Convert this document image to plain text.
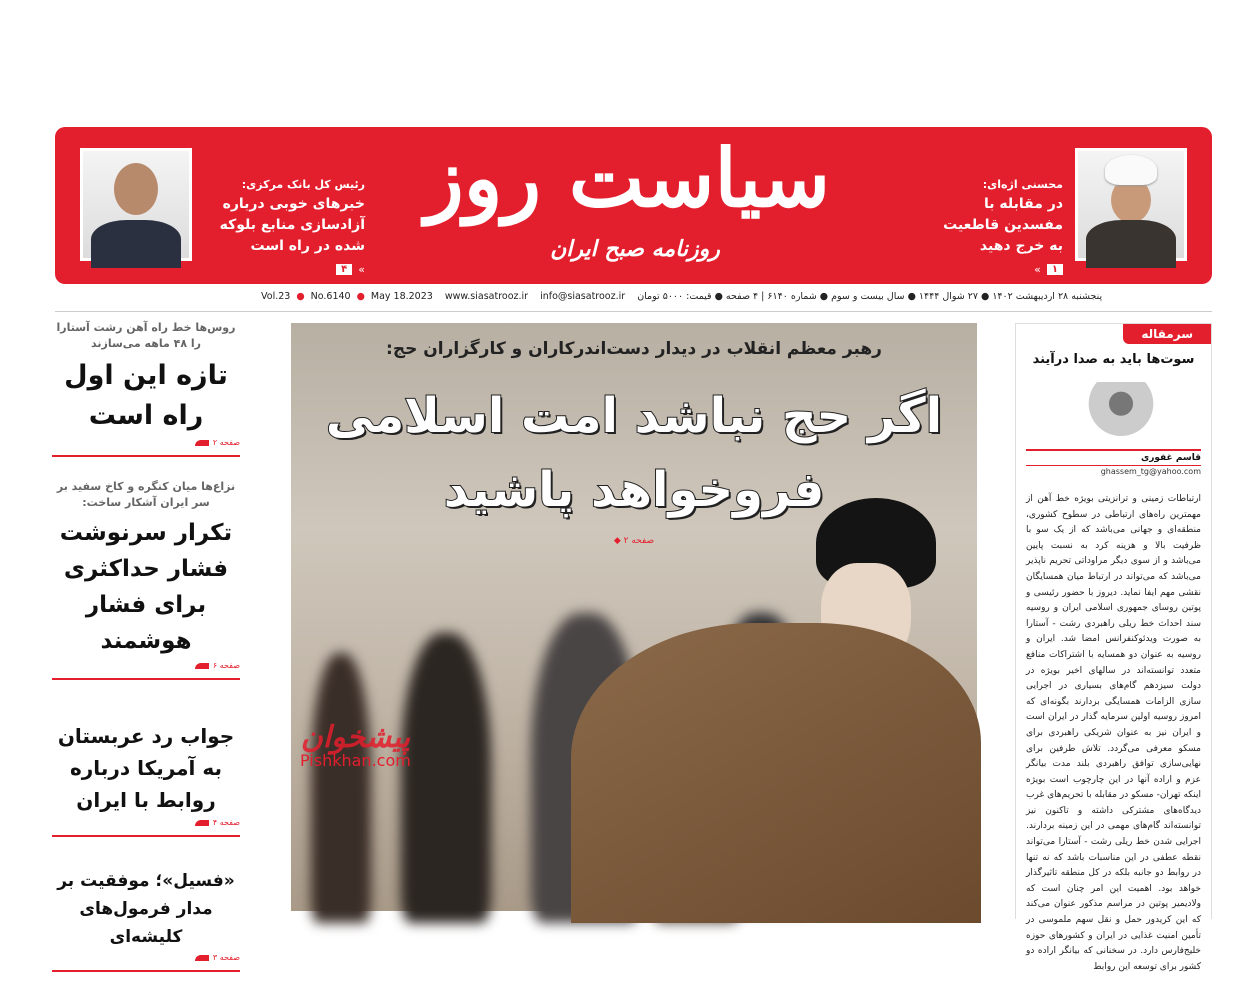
رئیس کل بانک مرکزی:
خبرهای خوبی درباره آزادسازی منابع بلوکه شده در راه است
۴	«
سیاست روز
روزنامه صبح ایران
محسنی اژه‌ای:
در مقابله با مفسدین قاطعیت به خرج دهید
۱
»
Vol.23 ● No.6140 ● May 18.2023 www.siasatrooz.ir info@siasatrooz.ir پنجشنبه ۲۸ اردیبهشت ۱۴۰۲ ● ۲۷ شوال ۱۴۴۴ ● سال بیست و سوم ● شماره ۶۱۴۰ | ۴ صفحه ● قیمت: ۵۰۰۰ تومان
روس‌ها خط راه آهن رشت آستارا را ۴۸ ماهه می‌سازند
تازه این اول راه است
صفحه ۲
نزاع‌ها میان کنگره و کاخ سفید بر سر ایران آشکار ساخت:
تکرار سرنوشت فشار حداکثری برای فشار هوشمند
صفحه ۶
جواب رد عربستان به آمریکا درباره روابط با ایران
صفحه ۴
«فسیل»؛ موفقیت بر مدار فرمول‌های کلیشه‌ای
صفحه ۳
رهبر معظم انقلاب در دیدار دست‌اندرکاران و کارگزاران حج:
اگر حج نباشد امت اسلامی فروخواهد پاشید
◆ صفحه ۲
سرمقاله
سوت‌ها باید به صدا درآیند
قاسم غفوری
ghassem_tg@yahoo.com
ارتباطات زمینی و ترانزیتی بویژه خط آهن از مهمترین راه‌های ارتباطی در سطوح کشوری، منطقه‌ای و جهانی می‌باشد که از یک سو با ظرفیت بالا و هزینه کرد به نسبت پایین می‌باشد و از سوی دیگر مراوداتی تحریم ناپذیر می‌باشد که می‌تواند در ارتباط میان همسایگان نقشی مهم ایفا نماید. دیروز با حضور رئیسی و پوتین روسای جمهوری اسلامی ایران و روسیه سند احداث خط ریلی راهبردی رشت - آستارا به صورت ویدئوکنفرانس امضا شد. ایران و روسیه به عنوان دو همسایه با اشتراکات منافع متعدد توانسته‌اند در سالهای اخیر بویژه در دولت سیزدهم گام‌های بسیاری در اجرایی سازی الزامات همسایگی بردارند بگونه‌ای که امروز روسیه اولین سرمایه گذار در ایران است و ایران نیز به عنوان شریکی راهبردی برای مسکو معرفی می‌گردد. تلاش طرفین برای نهایی‌سازی توافق راهبردی بلند مدت بیانگر عزم و اراده آنها در این چارچوب است بویژه اینکه تهران- مسکو در مقابله با تحریم‌های غرب دیدگاه‌های مشترکی داشته و تاکنون نیز توانسته‌اند گام‌های مهمی در این زمینه بردارند. اجرایی شدن خط ریلی رشت - آستارا می‌تواند نقطه عطفی در این مناسبات باشد که نه تنها در روابط دو جانبه بلکه در کل منطقه تاثیرگذار خواهد بود. اهمیت این امر چنان است که ولادیمیر پوتین در مراسم مذکور عنوان می‌کند که این کریدور حمل و نقل سهم ملموسی در تأمین امنیت غذایی در ایران و کشورهای حوزه خلیج‌فارس دارد. در سخنانی که بیانگر اراده دو کشور برای توسعه این روابط
پیشخوان
Pishkhan.com
